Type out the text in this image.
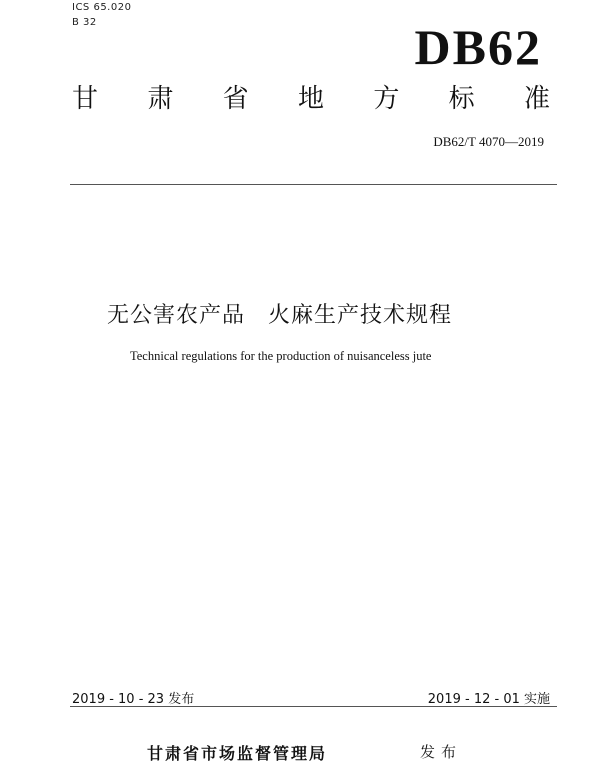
ICS 65.020
B 32	DB62
甘 肃 省 地 方 标 准
DB62/T 4070—2019
无公害农产品　火麻生产技术规程
Technical regulations for the production of nuisanceless jute
2019 - 10 - 23 发布	2019 - 12 - 01 实施
甘肃省市场监督管理局	发布
